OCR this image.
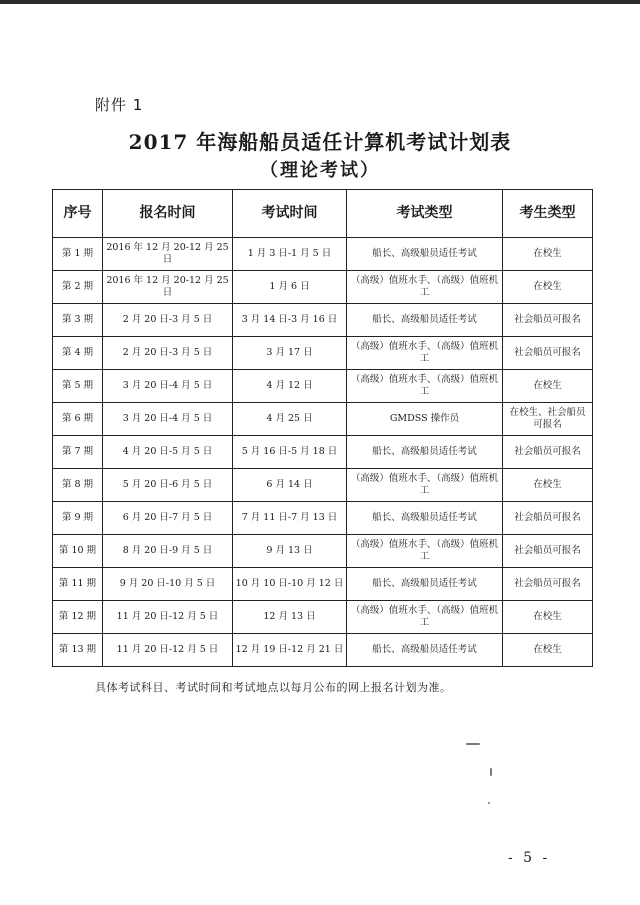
附件 1
2017 年海船船员适任计算机考试计划表
（理论考试）
序号	报名时间	考试时间	考试类型	考生类型
第 1 期	2016 年 12 月 20-12 月 25 日	1 月 3 日-1 月 5 日	船长、高级船员适任考试	在校生
第 2 期	2016 年 12 月 20-12 月 25 日	1 月 6 日	（高级）值班水手、（高级）值班机工	在校生
第 3 期	2 月 20 日-3 月 5 日	3 月 14 日-3 月 16 日	船长、高级船员适任考试	社会船员可报名
第 4 期	2 月 20 日-3 月 5 日	3 月 17 日	（高级）值班水手、（高级）值班机工	社会船员可报名
第 5 期	3 月 20 日-4 月 5 日	4 月 12 日	（高级）值班水手、（高级）值班机工	在校生
第 6 期	3 月 20 日-4 月 5 日	4 月 25 日	GMDSS 操作员	在校生、社会船员可报名
第 7 期	4 月 20 日-5 月 5 日	5 月 16 日-5 月 18 日	船长、高级船员适任考试	社会船员可报名
第 8 期	5 月 20 日-6 月 5 日	6 月 14 日	（高级）值班水手、（高级）值班机工	在校生
第 9 期	6 月 20 日-7 月 5 日	7 月 11 日-7 月 13 日	船长、高级船员适任考试	社会船员可报名
第 10 期	8 月 20 日-9 月 5 日	9 月 13 日	（高级）值班水手、（高级）值班机工	社会船员可报名
第 11 期	9 月 20 日-10 月 5 日	10 月 10 日-10 月 12 日	船长、高级船员适任考试	社会船员可报名
第 12 期	11 月 20 日-12 月 5 日	12 月 13 日	（高级）值班水手、（高级）值班机工	在校生
第 13 期	11 月 20 日-12 月 5 日	12 月 19 日-12 月 21 日	船长、高级船员适任考试	在校生
具体考试科目、考试时间和考试地点以每月公布的网上报名计划为准。
- 5 -
